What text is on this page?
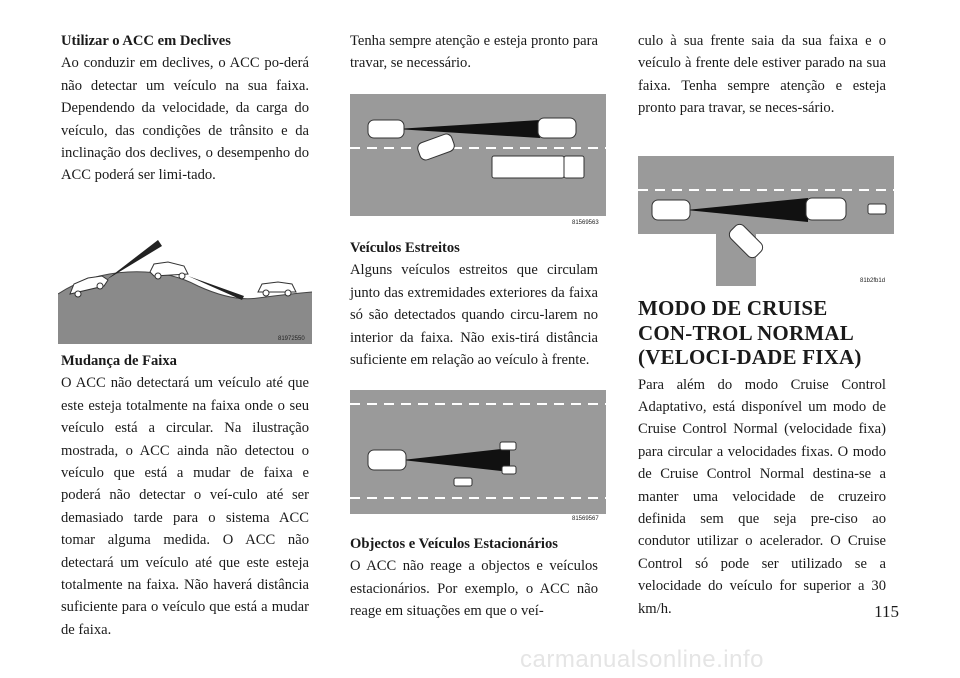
Utilizar o ACC em Declives

Ao conduzir em declives, o ACC po-derá não detectar um veículo na sua faixa. Dependendo da velocidade, da carga do veículo, das condições de trânsito e da inclinação dos declives, o desempenho do ACC poderá ser limi-tado.

81972550
Mudança de Faixa

O ACC não detectará um veículo até que este esteja totalmente na faixa onde o seu veículo está a circular. Na ilustração mostrada, o ACC ainda não detectou o veículo que está a mudar de faixa e poderá não detectar o veí-culo até ser demasiado tarde para o sistema ACC tomar alguma medida. O ACC não detectará um veículo até que este esteja totalmente na faixa. Não haverá distância suficiente para o veículo que está a mudar de faixa.

Tenha sempre atenção e esteja pronto para travar, se necessário.

81569563
Veículos Estreitos

Alguns veículos estreitos que circulam junto das extremidades exteriores da faixa só são detectados quando circu-larem no interior da faixa. Não exis-tirá distância suficiente em relação ao veículo à frente.

81569567
Objectos e Veículos Estacionários

O ACC não reage a objectos e veículos estacionários. Por exemplo, o ACC não reage em situações em que o veí-

culo à sua frente saia da sua faixa e o veículo à frente dele estiver parado na sua faixa. Tenha sempre atenção e esteja pronto para travar, se neces-sário.

81b2fb1d
MODO DE CRUISE CON-TROL NORMAL (VELOCI-DADE FIXA)

Para além do modo Cruise Control Adaptativo, está disponível um modo de Cruise Control Normal (velocidade fixa) para circular a velocidades fixas. O modo de Cruise Control Normal destina-se a manter uma velocidade de cruzeiro definida sem que seja pre-ciso ao condutor utilizar o acelerador. O Cruise Control só pode ser utilizado se a velocidade do veículo for superior a 30 km/h.	115
carmanualsonline.info
